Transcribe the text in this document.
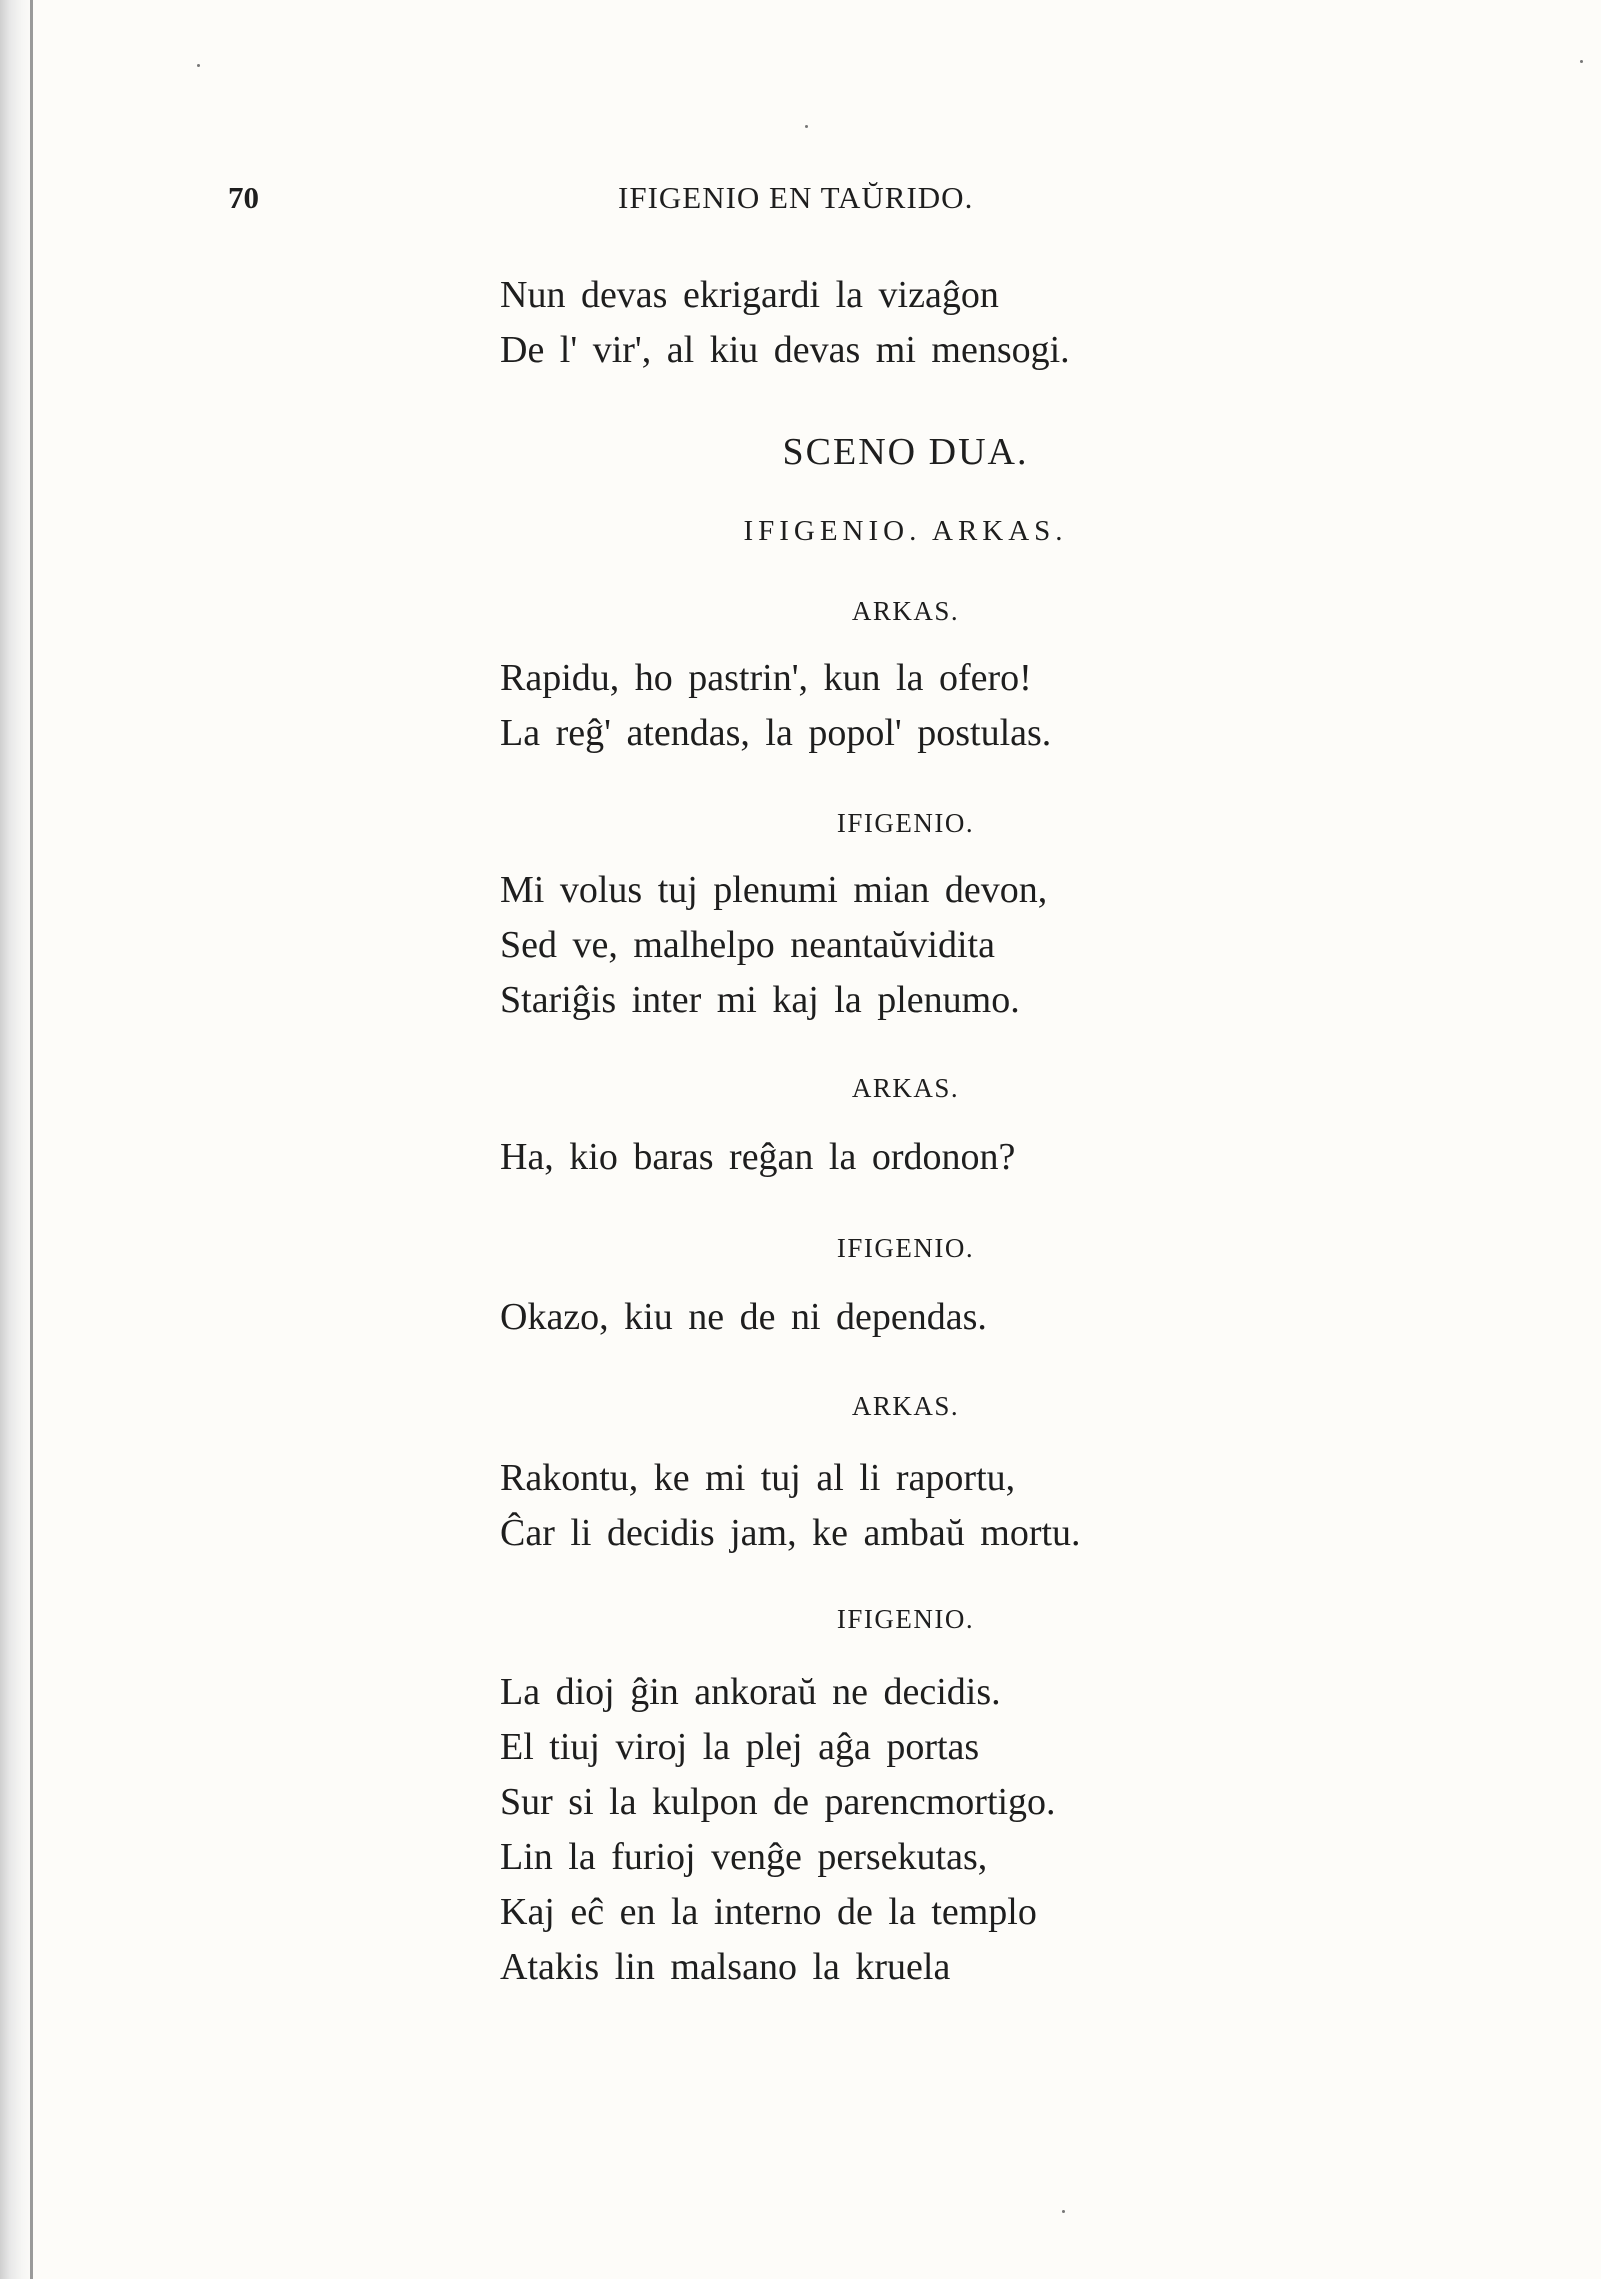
70	IFIGENIO EN TAŬRIDO.
Nun devas ekrigardi la vizaĝon
De l' vir', al kiu devas mi mensogi.
SCENO DUA.
IFIGENIO. ARKAS.
ARKAS.
Rapidu, ho pastrin', kun la ofero!
La reĝ' atendas, la popol' postulas.
IFIGENIO.
Mi volus tuj plenumi mian devon,
Sed ve, malhelpo neantaŭvidita
Stariĝis inter mi kaj la plenumo.
ARKAS.
Ha, kio baras reĝan la ordonon?
IFIGENIO.
Okazo, kiu ne de ni dependas.
ARKAS.
Rakontu, ke mi tuj al li raportu,
Ĉar li decidis jam, ke ambaŭ mortu.
IFIGENIO.
La dioj ĝin ankoraŭ ne decidis.
El tiuj viroj la plej aĝa portas
Sur si la kulpon de parencmortigo.
Lin la furioj venĝe persekutas,
Kaj eĉ en la interno de la templo
Atakis lin malsano la kruela
